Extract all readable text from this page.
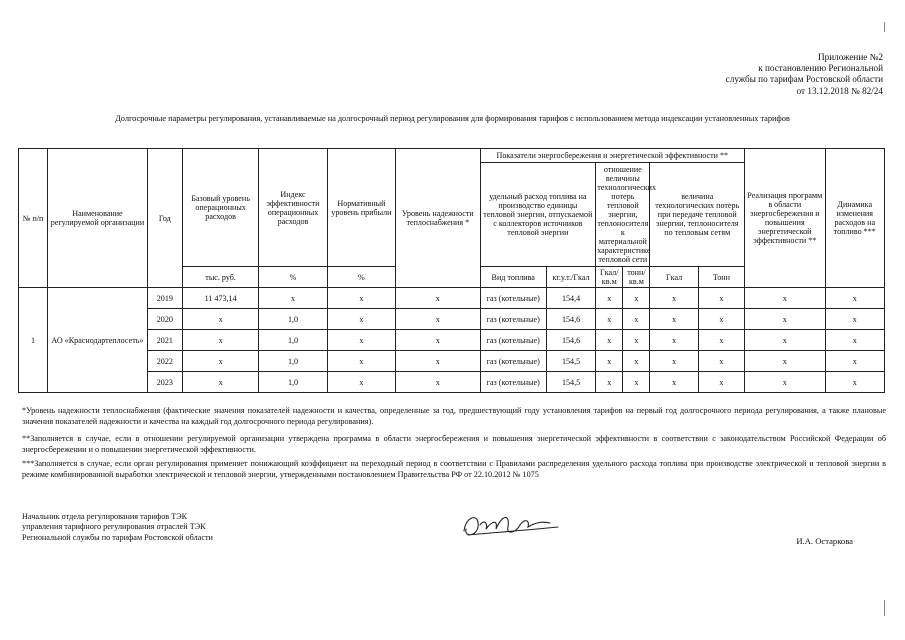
Приложение №2
к постановлению Региональной
службы по тарифам Ростовской области
от 13.12.2018 № 82/24
Долгосрочные параметры регулирования, устанавливаемые на долгосрочный период регулирования для формирования тарифов с использованием метода индексации установленных тарифов
№ п/п	Наименование регулируемой организации	Год	Базовый уровень операционных расходов	Индекс эффективности операционных расходов	Нормативный уровень прибыли	Уровень надежности теплоснабжения *	Показатели энергосбережения и энергетической эффективности **						Реализация программ в области энергосбережения и повышения энергетической эффективности **	Динамика изменения расходов на топливо ***
							удельный расход топлива на производство единицы тепловой энергии, отпускаемой с коллекторов источников тепловой энергии		отношение величины технологических потерь тепловой энергии, теплоносителя к материальной характеристике тепловой сети		величина технологических потерь при передаче тепловой энергии, теплоносителя по тепловым сетям			
			тыс. руб.	%	%		Вид топлива	кг.у.т./Гкал	Гкал/кв.м	тонн/кв.м	Гкал	Тонн		
1	АО «Краснодартеплосеть»	2019	11 473,14	x	x	x	газ (котельные)	154,4	x	x	x	x	x	x
		2020	x	1,0	x	x	газ (котельные)	154,6	x	x	x	x	x	x
		2021	x	1,0	x	x	газ (котельные)	154,6	x	x	x	x	x	x
		2022	x	1,0	x	x	газ (котельные)	154,5	x	x	x	x	x	x
		2023	x	1,0	x	x	газ (котельные)	154,5	x	x	x	x	x	x
*Уровень надежности теплоснабжения (фактические значения показателей надежности и качества, определенные за год, предшествующий году установления тарифов на первый год долгосрочного периода регулирования, а также плановые значения показателей надежности и качества на каждый год долгосрочного периода регулирования).
**Заполняется в случае, если в отношении регулируемой организации утверждена программа в области энергосбережения и повышения энергетической эффективности в соответствии с законодательством Российской Федерации об энергосбережении и о повышении энергетической эффективности.
***Заполняется в случае, если орган регулирования применяет понижающий коэффициент на переходный период в соответствии с Правилами распределения удельного расхода топлива при производстве электрической и тепловой энергии в режиме комбинированной выработки электрической и тепловой энергии, утвержденными постановлением Правительства РФ от 22.10.2012 № 1075
Начальник отдела регулирования тарифов ТЭК
управления тарифного регулирования отраслей ТЭК
Региональной службы по тарифам Ростовской области	И.А. Остаркова
